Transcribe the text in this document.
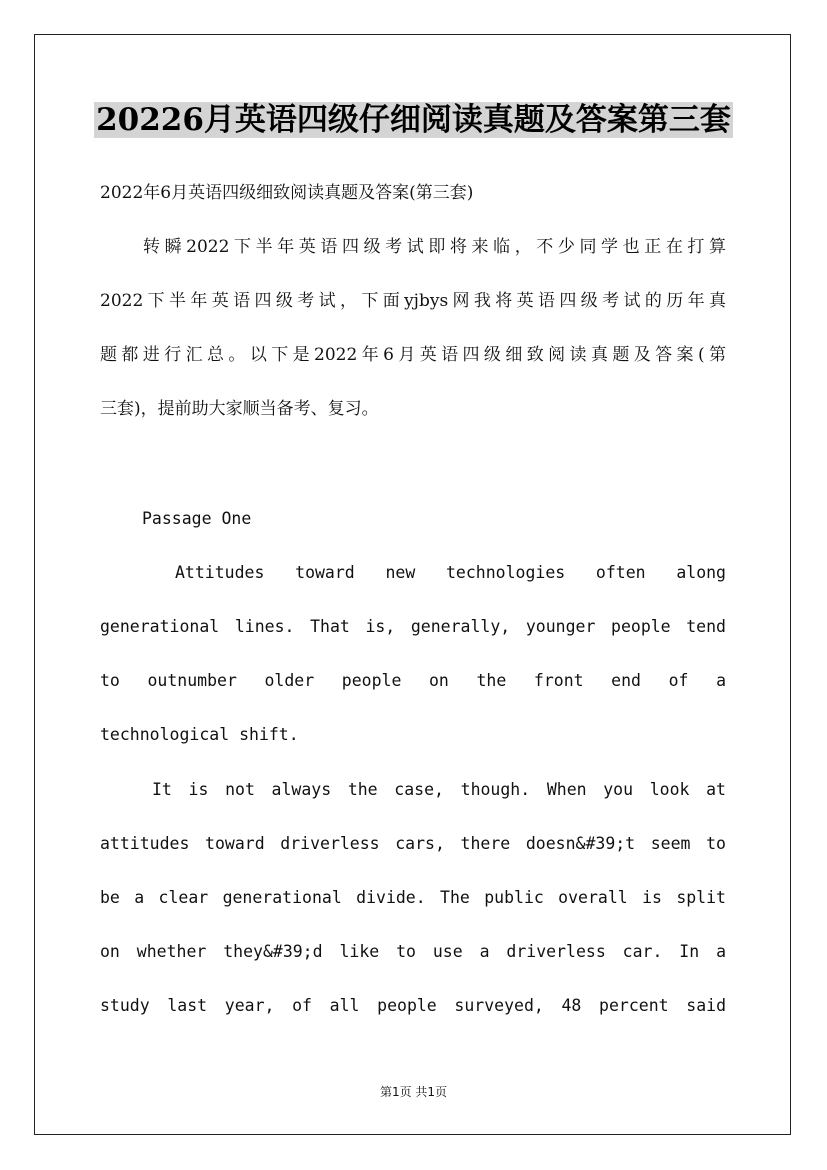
20226月英语四级仔细阅读真题及答案第三套

2022年6月英语四级细致阅读真题及答案(第三套)

转瞬2022下半年英语四级考试即将来临，不少同学也正在打算

2022下半年英语四级考试，下面yjbys网我将英语四级考试的历年真

题都进行汇总。以下是2022年6月英语四级细致阅读真题及答案(第

三套)，提前助大家顺当备考、复习。

Passage One

Attitudes toward new technologies often along

generational lines. That is, generally, younger people tend

to outnumber older people on the front end of a

technological shift.

It is not always the case, though. When you look at

attitudes toward driverless cars, there doesn&#39;t seem to

be a clear generational divide. The public overall is split

on whether they&#39;d like to use a driverless car. In a

study last year, of all people surveyed, 48 percent said

第1页 共1页
